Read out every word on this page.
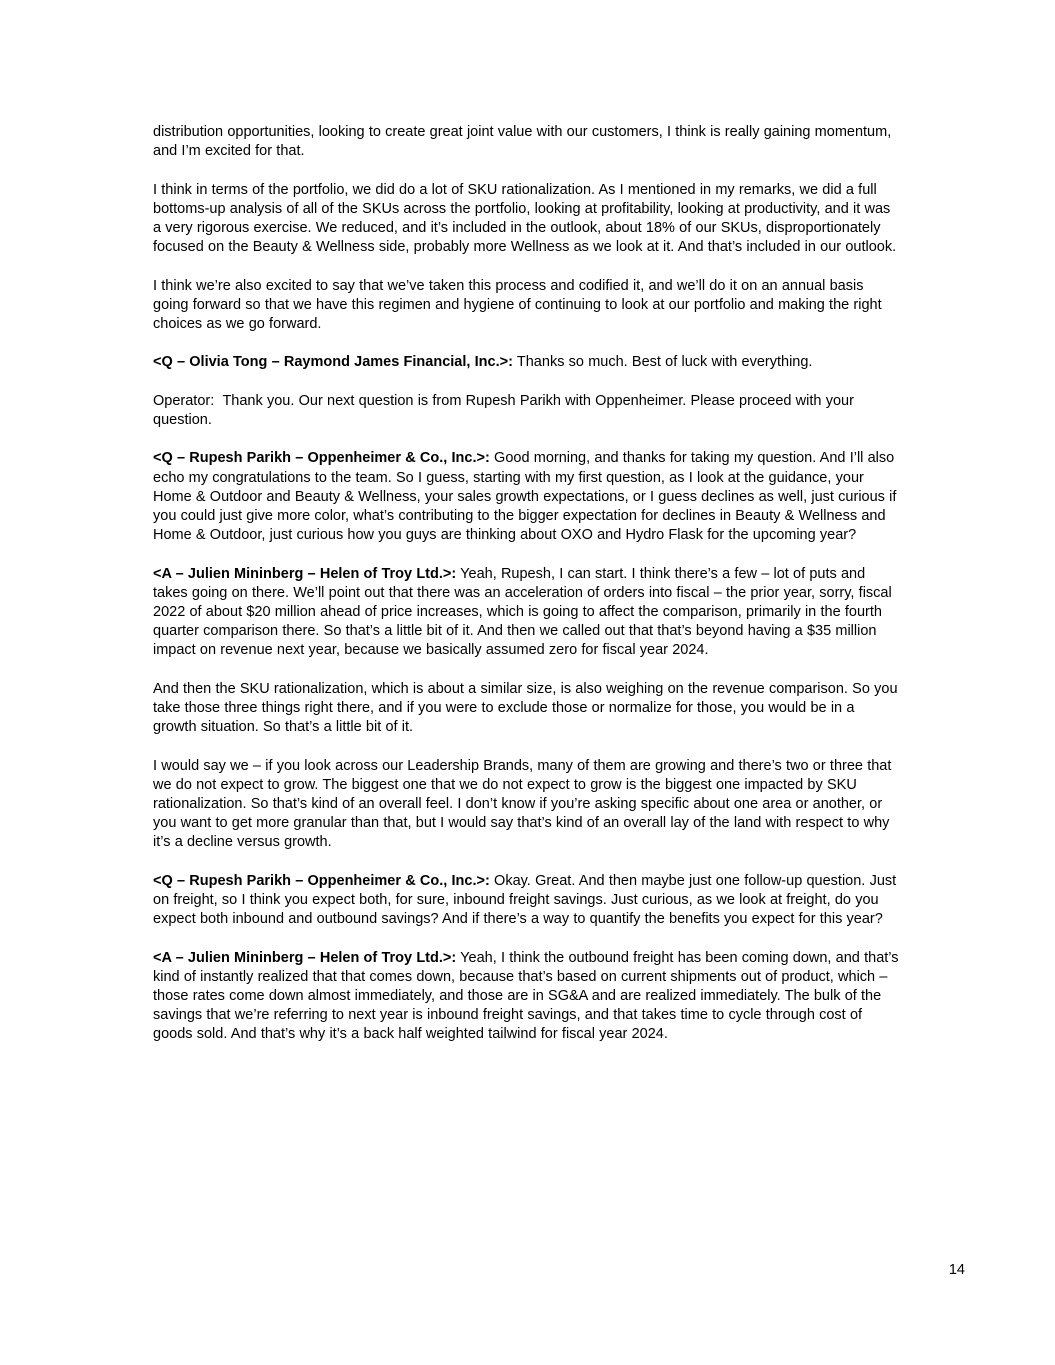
distribution opportunities, looking to create great joint value with our customers, I think is really gaining momentum, and I’m excited for that.

I think in terms of the portfolio, we did do a lot of SKU rationalization. As I mentioned in my remarks, we did a full bottoms-up analysis of all of the SKUs across the portfolio, looking at profitability, looking at productivity, and it was a very rigorous exercise. We reduced, and it’s included in the outlook, about 18% of our SKUs, disproportionately focused on the Beauty & Wellness side, probably more Wellness as we look at it. And that’s included in our outlook.

I think we’re also excited to say that we’ve taken this process and codified it, and we’ll do it on an annual basis going forward so that we have this regimen and hygiene of continuing to look at our portfolio and making the right choices as we go forward.

<Q – Olivia Tong – Raymond James Financial, Inc.>: Thanks so much. Best of luck with everything.

Operator:  Thank you. Our next question is from Rupesh Parikh with Oppenheimer. Please proceed with your question.

<Q – Rupesh Parikh – Oppenheimer & Co., Inc.>: Good morning, and thanks for taking my question. And I’ll also echo my congratulations to the team. So I guess, starting with my first question, as I look at the guidance, your Home & Outdoor and Beauty & Wellness, your sales growth expectations, or I guess declines as well, just curious if you could just give more color, what’s contributing to the bigger expectation for declines in Beauty & Wellness and Home & Outdoor, just curious how you guys are thinking about OXO and Hydro Flask for the upcoming year?

<A – Julien Mininberg – Helen of Troy Ltd.>: Yeah, Rupesh, I can start. I think there’s a few – lot of puts and takes going on there. We’ll point out that there was an acceleration of orders into fiscal – the prior year, sorry, fiscal 2022 of about $20 million ahead of price increases, which is going to affect the comparison, primarily in the fourth quarter comparison there. So that’s a little bit of it. And then we called out that that’s beyond having a $35 million impact on revenue next year, because we basically assumed zero for fiscal year 2024.

And then the SKU rationalization, which is about a similar size, is also weighing on the revenue comparison. So you take those three things right there, and if you were to exclude those or normalize for those, you would be in a growth situation. So that’s a little bit of it.

I would say we – if you look across our Leadership Brands, many of them are growing and there’s two or three that we do not expect to grow. The biggest one that we do not expect to grow is the biggest one impacted by SKU rationalization. So that’s kind of an overall feel. I don’t know if you’re asking specific about one area or another, or you want to get more granular than that, but I would say that’s kind of an overall lay of the land with respect to why it’s a decline versus growth.

<Q – Rupesh Parikh – Oppenheimer & Co., Inc.>: Okay. Great. And then maybe just one follow-up question. Just on freight, so I think you expect both, for sure, inbound freight savings. Just curious, as we look at freight, do you expect both inbound and outbound savings? And if there’s a way to quantify the benefits you expect for this year?

<A – Julien Mininberg – Helen of Troy Ltd.>: Yeah, I think the outbound freight has been coming down, and that’s kind of instantly realized that that comes down, because that’s based on current shipments out of product, which – those rates come down almost immediately, and those are in SG&A and are realized immediately. The bulk of the savings that we’re referring to next year is inbound freight savings, and that takes time to cycle through cost of goods sold. And that’s why it’s a back half weighted tailwind for fiscal year 2024.

14
